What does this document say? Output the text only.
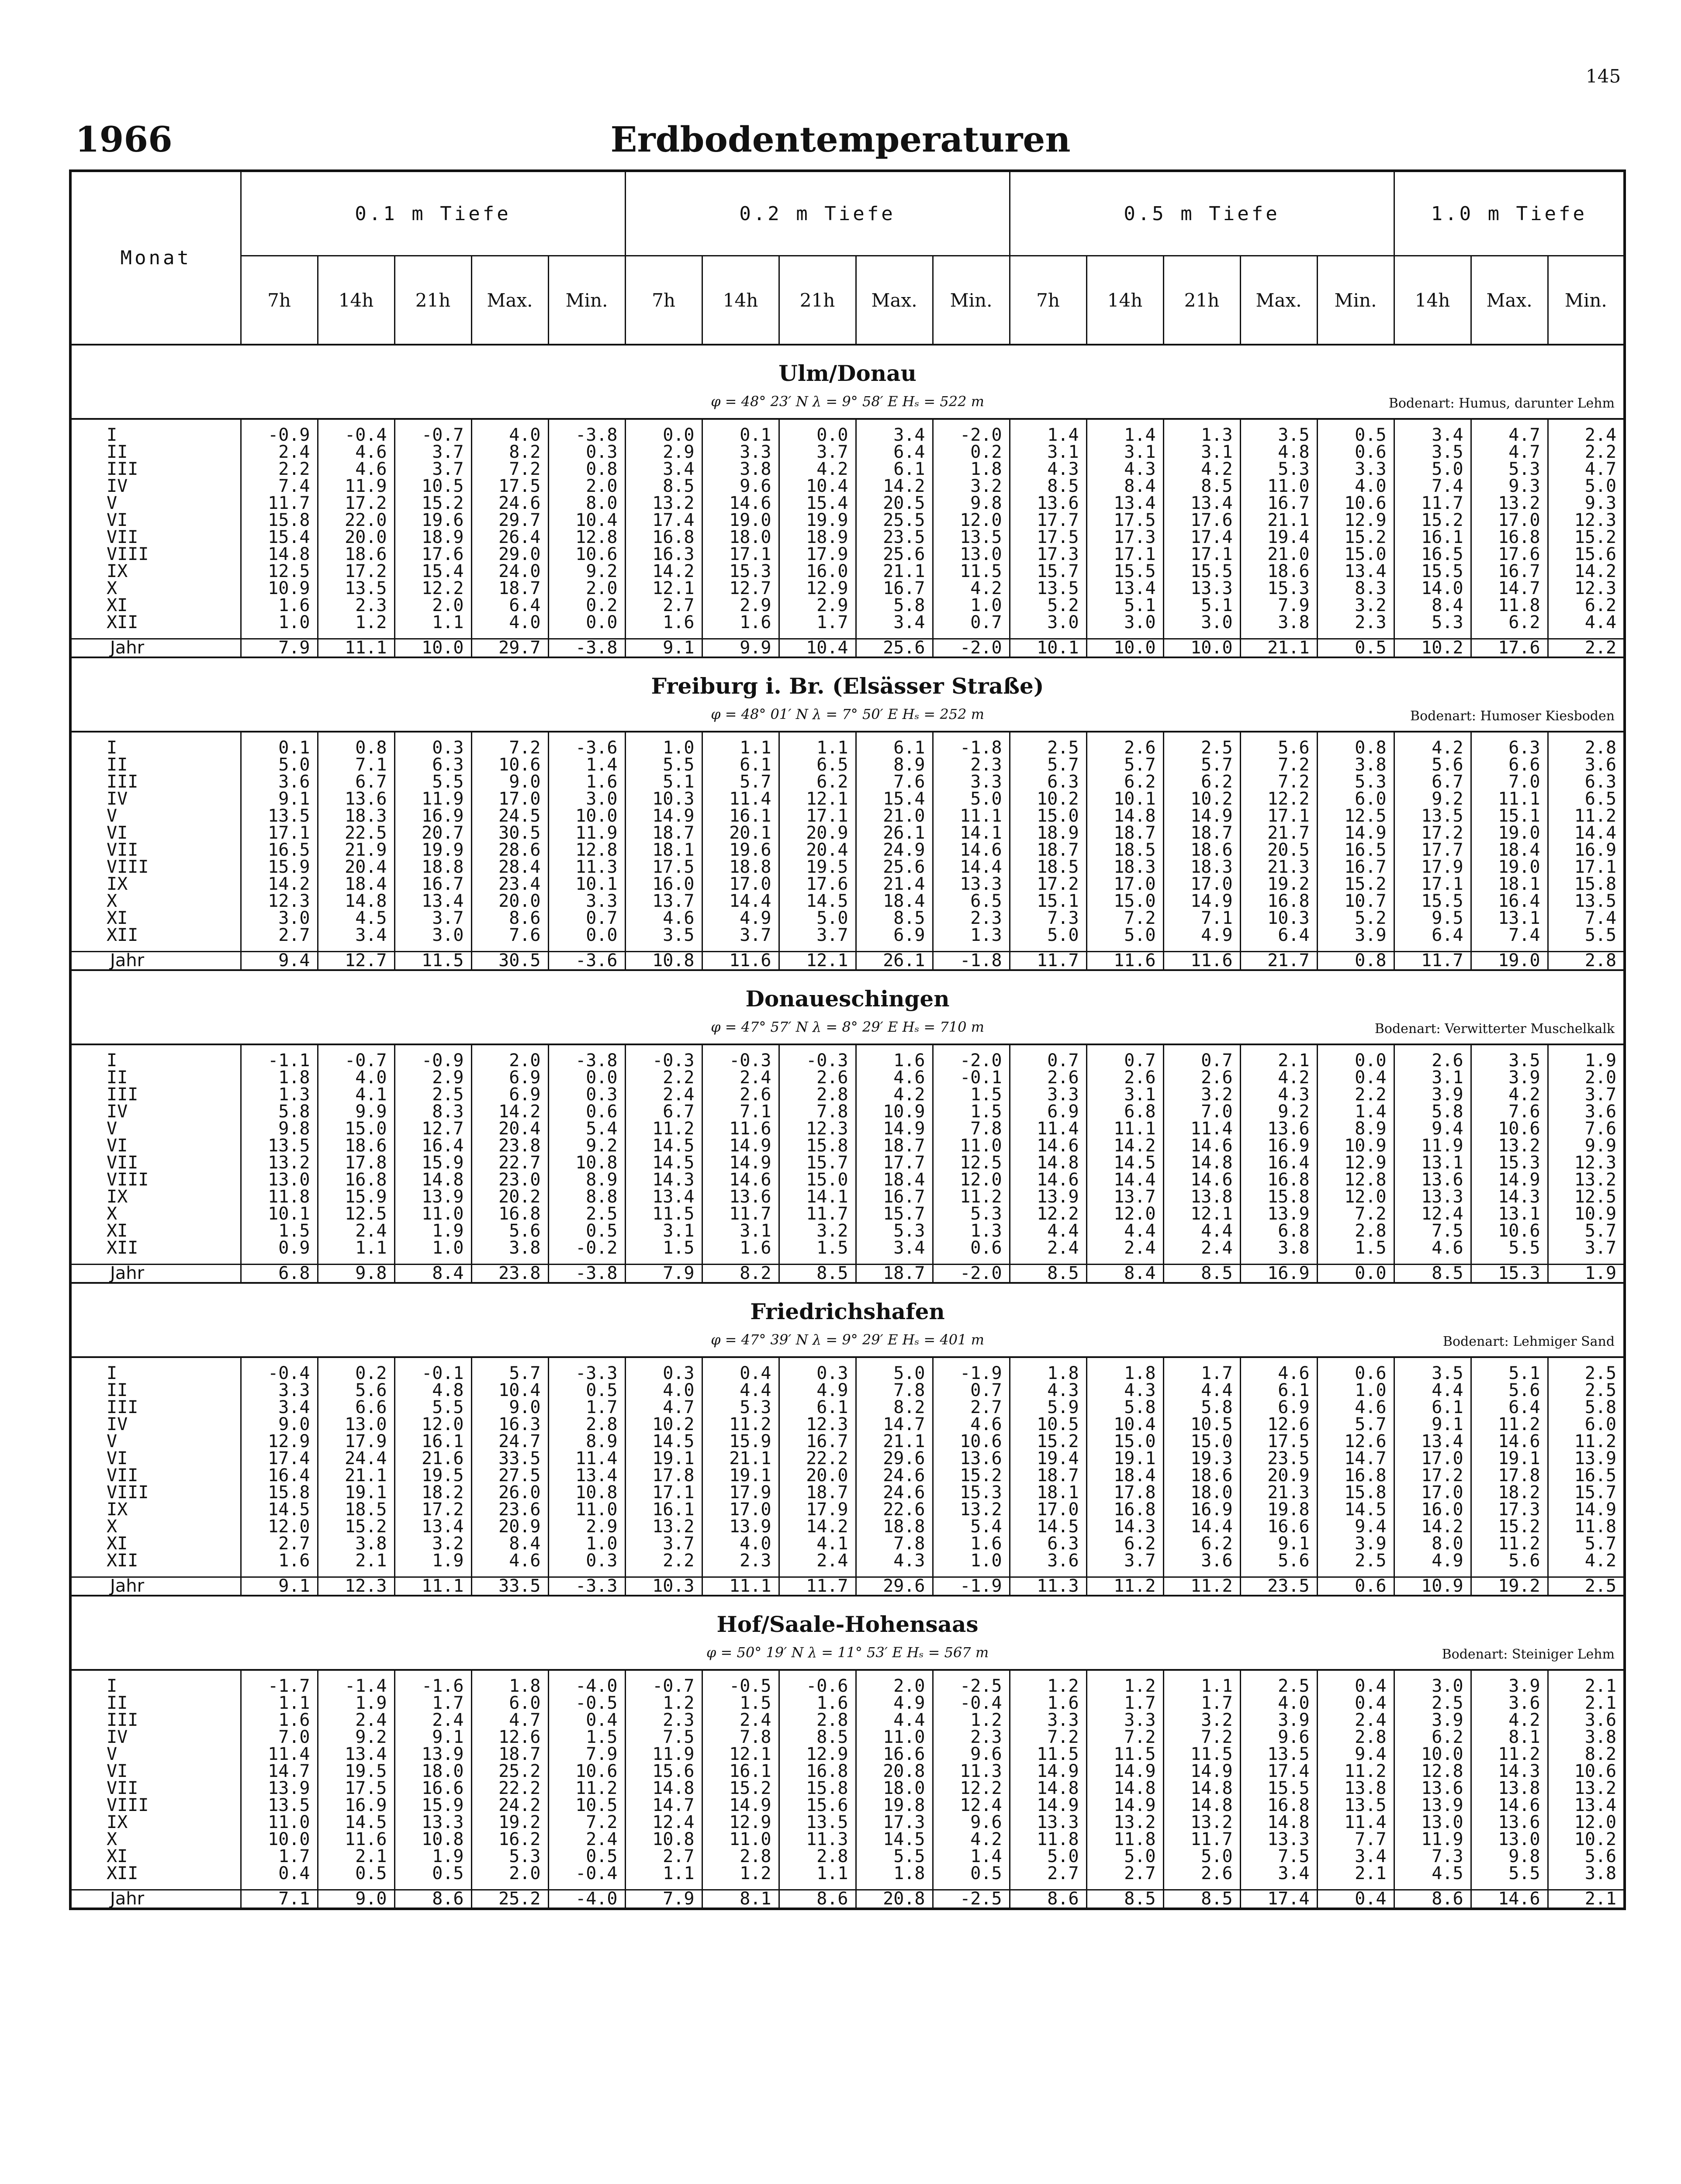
145
1966	Erdbodentemperaturen
Monat	0.1 m Tiefe					0.2 m Tiefe					0.5 m Tiefe					1.0 m Tiefe		
	7h	14h	21h	Max.	Min.	7h	14h	21h	Max.	Min.	7h	14h	21h	Max.	Min.	14h	Max.	Min.

Ulm/Donau
φ = 48° 23′ N λ = 9° 58′ E Hₛ = 522 m Bodenart: Humus, darunter Lehm																		

I	-0.9	-0.4	-0.7	4.0	-3.8	0.0	0.1	0.0	3.4	-2.0	1.4	1.4	1.3	3.5	0.5	3.4	4.7	2.4
II	2.4	4.6	3.7	8.2	0.3	2.9	3.3	3.7	6.4	0.2	3.1	3.1	3.1	4.8	0.6	3.5	4.7	2.2
III	2.2	4.6	3.7	7.2	0.8	3.4	3.8	4.2	6.1	1.8	4.3	4.3	4.2	5.3	3.3	5.0	5.3	4.7
IV	7.4	11.9	10.5	17.5	2.0	8.5	9.6	10.4	14.2	3.2	8.5	8.4	8.5	11.0	4.0	7.4	9.3	5.0
V	11.7	17.2	15.2	24.6	8.0	13.2	14.6	15.4	20.5	9.8	13.6	13.4	13.4	16.7	10.6	11.7	13.2	9.3
VI	15.8	22.0	19.6	29.7	10.4	17.4	19.0	19.9	25.5	12.0	17.7	17.5	17.6	21.1	12.9	15.2	17.0	12.3
VII	15.4	20.0	18.9	26.4	12.8	16.8	18.0	18.9	23.5	13.5	17.5	17.3	17.4	19.4	15.2	16.1	16.8	15.2
VIII	14.8	18.6	17.6	29.0	10.6	16.3	17.1	17.9	25.6	13.0	17.3	17.1	17.1	21.0	15.0	16.5	17.6	15.6
IX	12.5	17.2	15.4	24.0	9.2	14.2	15.3	16.0	21.1	11.5	15.7	15.5	15.5	18.6	13.4	15.5	16.7	14.2
X	10.9	13.5	12.2	18.7	2.0	12.1	12.7	12.9	16.7	4.2	13.5	13.4	13.3	15.3	8.3	14.0	14.7	12.3
XI	1.6	2.3	2.0	6.4	0.2	2.7	2.9	2.9	5.8	1.0	5.2	5.1	5.1	7.9	3.2	8.4	11.8	6.2
XII	1.0	1.2	1.1	4.0	0.0	1.6	1.6	1.7	3.4	0.7	3.0	3.0	3.0	3.8	2.3	5.3	6.2	4.4
Jahr	7.9	11.1	10.0	29.7	-3.8	9.1	9.9	10.4	25.6	-2.0	10.1	10.0	10.0	21.1	0.5	10.2	17.6	2.2

Freiburg i. Br. (Elsässer Straße)
φ = 48° 01′ N λ = 7° 50′ E Hₛ = 252 m Bodenart: Humoser Kiesboden																		

I	0.1	0.8	0.3	7.2	-3.6	1.0	1.1	1.1	6.1	-1.8	2.5	2.6	2.5	5.6	0.8	4.2	6.3	2.8
II	5.0	7.1	6.3	10.6	1.4	5.5	6.1	6.5	8.9	2.3	5.7	5.7	5.7	7.2	3.8	5.6	6.6	3.6
III	3.6	6.7	5.5	9.0	1.6	5.1	5.7	6.2	7.6	3.3	6.3	6.2	6.2	7.2	5.3	6.7	7.0	6.3
IV	9.1	13.6	11.9	17.0	3.0	10.3	11.4	12.1	15.4	5.0	10.2	10.1	10.2	12.2	6.0	9.2	11.1	6.5
V	13.5	18.3	16.9	24.5	10.0	14.9	16.1	17.1	21.0	11.1	15.0	14.8	14.9	17.1	12.5	13.5	15.1	11.2
VI	17.1	22.5	20.7	30.5	11.9	18.7	20.1	20.9	26.1	14.1	18.9	18.7	18.7	21.7	14.9	17.2	19.0	14.4
VII	16.5	21.9	19.9	28.6	12.8	18.1	19.6	20.4	24.9	14.6	18.7	18.5	18.6	20.5	16.5	17.7	18.4	16.9
VIII	15.9	20.4	18.8	28.4	11.3	17.5	18.8	19.5	25.6	14.4	18.5	18.3	18.3	21.3	16.7	17.9	19.0	17.1
IX	14.2	18.4	16.7	23.4	10.1	16.0	17.0	17.6	21.4	13.3	17.2	17.0	17.0	19.2	15.2	17.1	18.1	15.8
X	12.3	14.8	13.4	20.0	3.3	13.7	14.4	14.5	18.4	6.5	15.1	15.0	14.9	16.8	10.7	15.5	16.4	13.5
XI	3.0	4.5	3.7	8.6	0.7	4.6	4.9	5.0	8.5	2.3	7.3	7.2	7.1	10.3	5.2	9.5	13.1	7.4
XII	2.7	3.4	3.0	7.6	0.0	3.5	3.7	3.7	6.9	1.3	5.0	5.0	4.9	6.4	3.9	6.4	7.4	5.5
Jahr	9.4	12.7	11.5	30.5	-3.6	10.8	11.6	12.1	26.1	-1.8	11.7	11.6	11.6	21.7	0.8	11.7	19.0	2.8

Donaueschingen
φ = 47° 57′ N λ = 8° 29′ E Hₛ = 710 m Bodenart: Verwitterter Muschelkalk																		

I	-1.1	-0.7	-0.9	2.0	-3.8	-0.3	-0.3	-0.3	1.6	-2.0	0.7	0.7	0.7	2.1	0.0	2.6	3.5	1.9
II	1.8	4.0	2.9	6.9	0.0	2.2	2.4	2.6	4.6	-0.1	2.6	2.6	2.6	4.2	0.4	3.1	3.9	2.0
III	1.3	4.1	2.5	6.9	0.3	2.4	2.6	2.8	4.2	1.5	3.3	3.1	3.2	4.3	2.2	3.9	4.2	3.7
IV	5.8	9.9	8.3	14.2	0.6	6.7	7.1	7.8	10.9	1.5	6.9	6.8	7.0	9.2	1.4	5.8	7.6	3.6
V	9.8	15.0	12.7	20.4	5.4	11.2	11.6	12.3	14.9	7.8	11.4	11.1	11.4	13.6	8.9	9.4	10.6	7.6
VI	13.5	18.6	16.4	23.8	9.2	14.5	14.9	15.8	18.7	11.0	14.6	14.2	14.6	16.9	10.9	11.9	13.2	9.9
VII	13.2	17.8	15.9	22.7	10.8	14.5	14.9	15.7	17.7	12.5	14.8	14.5	14.8	16.4	12.9	13.1	15.3	12.3
VIII	13.0	16.8	14.8	23.0	8.9	14.3	14.6	15.0	18.4	12.0	14.6	14.4	14.6	16.8	12.8	13.6	14.9	13.2
IX	11.8	15.9	13.9	20.2	8.8	13.4	13.6	14.1	16.7	11.2	13.9	13.7	13.8	15.8	12.0	13.3	14.3	12.5
X	10.1	12.5	11.0	16.8	2.5	11.5	11.7	11.7	15.7	5.3	12.2	12.0	12.1	13.9	7.2	12.4	13.1	10.9
XI	1.5	2.4	1.9	5.6	0.5	3.1	3.1	3.2	5.3	1.3	4.4	4.4	4.4	6.8	2.8	7.5	10.6	5.7
XII	0.9	1.1	1.0	3.8	-0.2	1.5	1.6	1.5	3.4	0.6	2.4	2.4	2.4	3.8	1.5	4.6	5.5	3.7
Jahr	6.8	9.8	8.4	23.8	-3.8	7.9	8.2	8.5	18.7	-2.0	8.5	8.4	8.5	16.9	0.0	8.5	15.3	1.9

Friedrichshafen
φ = 47° 39′ N λ = 9° 29′ E Hₛ = 401 m Bodenart: Lehmiger Sand																		

I	-0.4	0.2	-0.1	5.7	-3.3	0.3	0.4	0.3	5.0	-1.9	1.8	1.8	1.7	4.6	0.6	3.5	5.1	2.5
II	3.3	5.6	4.8	10.4	0.5	4.0	4.4	4.9	7.8	0.7	4.3	4.3	4.4	6.1	1.0	4.4	5.6	2.5
III	3.4	6.6	5.5	9.0	1.7	4.7	5.3	6.1	8.2	2.7	5.9	5.8	5.8	6.9	4.6	6.1	6.4	5.8
IV	9.0	13.0	12.0	16.3	2.8	10.2	11.2	12.3	14.7	4.6	10.5	10.4	10.5	12.6	5.7	9.1	11.2	6.0
V	12.9	17.9	16.1	24.7	8.9	14.5	15.9	16.7	21.1	10.6	15.2	15.0	15.0	17.5	12.6	13.4	14.6	11.2
VI	17.4	24.4	21.6	33.5	11.4	19.1	21.1	22.2	29.6	13.6	19.4	19.1	19.3	23.5	14.7	17.0	19.1	13.9
VII	16.4	21.1	19.5	27.5	13.4	17.8	19.1	20.0	24.6	15.2	18.7	18.4	18.6	20.9	16.8	17.2	17.8	16.5
VIII	15.8	19.1	18.2	26.0	10.8	17.1	17.9	18.7	24.6	15.3	18.1	17.8	18.0	21.3	15.8	17.0	18.2	15.7
IX	14.5	18.5	17.2	23.6	11.0	16.1	17.0	17.9	22.6	13.2	17.0	16.8	16.9	19.8	14.5	16.0	17.3	14.9
X	12.0	15.2	13.4	20.9	2.9	13.2	13.9	14.2	18.8	5.4	14.5	14.3	14.4	16.6	9.4	14.2	15.2	11.8
XI	2.7	3.8	3.2	8.4	1.0	3.7	4.0	4.1	7.8	1.6	6.3	6.2	6.2	9.1	3.9	8.0	11.2	5.7
XII	1.6	2.1	1.9	4.6	0.3	2.2	2.3	2.4	4.3	1.0	3.6	3.7	3.6	5.6	2.5	4.9	5.6	4.2
Jahr	9.1	12.3	11.1	33.5	-3.3	10.3	11.1	11.7	29.6	-1.9	11.3	11.2	11.2	23.5	0.6	10.9	19.2	2.5

Hof/Saale-Hohensaas
φ = 50° 19′ N λ = 11° 53′ E Hₛ = 567 m Bodenart: Steiniger Lehm																		

I	-1.7	-1.4	-1.6	1.8	-4.0	-0.7	-0.5	-0.6	2.0	-2.5	1.2	1.2	1.1	2.5	0.4	3.0	3.9	2.1
II	1.1	1.9	1.7	6.0	-0.5	1.2	1.5	1.6	4.9	-0.4	1.6	1.7	1.7	4.0	0.4	2.5	3.6	2.1
III	1.6	2.4	2.4	4.7	0.4	2.3	2.4	2.8	4.4	1.2	3.3	3.3	3.2	3.9	2.4	3.9	4.2	3.6
IV	7.0	9.2	9.1	12.6	1.5	7.5	7.8	8.5	11.0	2.3	7.2	7.2	7.2	9.6	2.8	6.2	8.1	3.8
V	11.4	13.4	13.9	18.7	7.9	11.9	12.1	12.9	16.6	9.6	11.5	11.5	11.5	13.5	9.4	10.0	11.2	8.2
VI	14.7	19.5	18.0	25.2	10.6	15.6	16.1	16.8	20.8	11.3	14.9	14.9	14.9	17.4	11.2	12.8	14.3	10.6
VII	13.9	17.5	16.6	22.2	11.2	14.8	15.2	15.8	18.0	12.2	14.8	14.8	14.8	15.5	13.8	13.6	13.8	13.2
VIII	13.5	16.9	15.9	24.2	10.5	14.7	14.9	15.6	19.8	12.4	14.9	14.9	14.8	16.8	13.5	13.9	14.6	13.4
IX	11.0	14.5	13.3	19.2	7.2	12.4	12.9	13.5	17.3	9.6	13.3	13.2	13.2	14.8	11.4	13.0	13.6	12.0
X	10.0	11.6	10.8	16.2	2.4	10.8	11.0	11.3	14.5	4.2	11.8	11.8	11.7	13.3	7.7	11.9	13.0	10.2
XI	1.7	2.1	1.9	5.3	0.5	2.7	2.8	2.8	5.5	1.4	5.0	5.0	5.0	7.5	3.4	7.3	9.8	5.6
XII	0.4	0.5	0.5	2.0	-0.4	1.1	1.2	1.1	1.8	0.5	2.7	2.7	2.6	3.4	2.1	4.5	5.5	3.8
Jahr	7.1	9.0	8.6	25.2	-4.0	7.9	8.1	8.6	20.8	-2.5	8.6	8.5	8.5	17.4	0.4	8.6	14.6	2.1
